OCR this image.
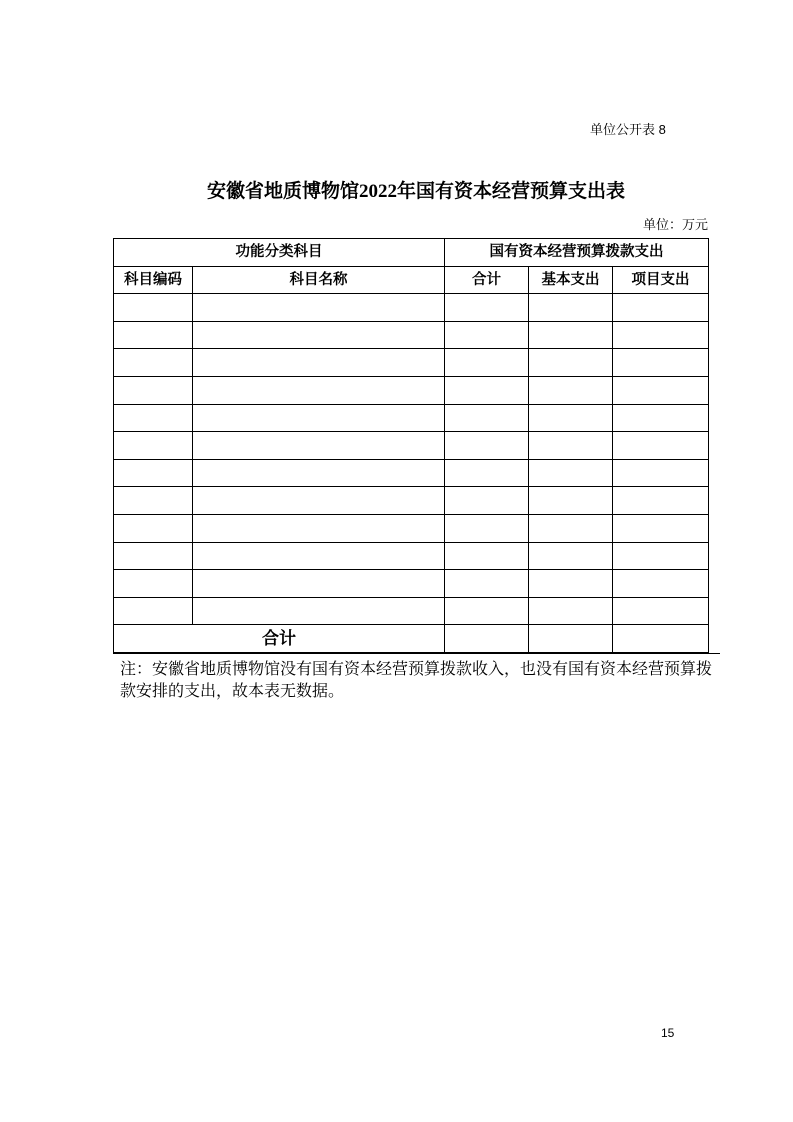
单位公开表 8
安徽省地质博物馆2022年国有资本经营预算支出表
单位：万元
功能分类科目		国有资本经营预算拨款支出		
科目编码	科目名称	合计	基本支出	项目支出

合计				
注：安徽省地质博物馆没有国有资本经营预算拨款收入，也没有国有资本经营预算拨款安排的支出，故本表无数据。
15
